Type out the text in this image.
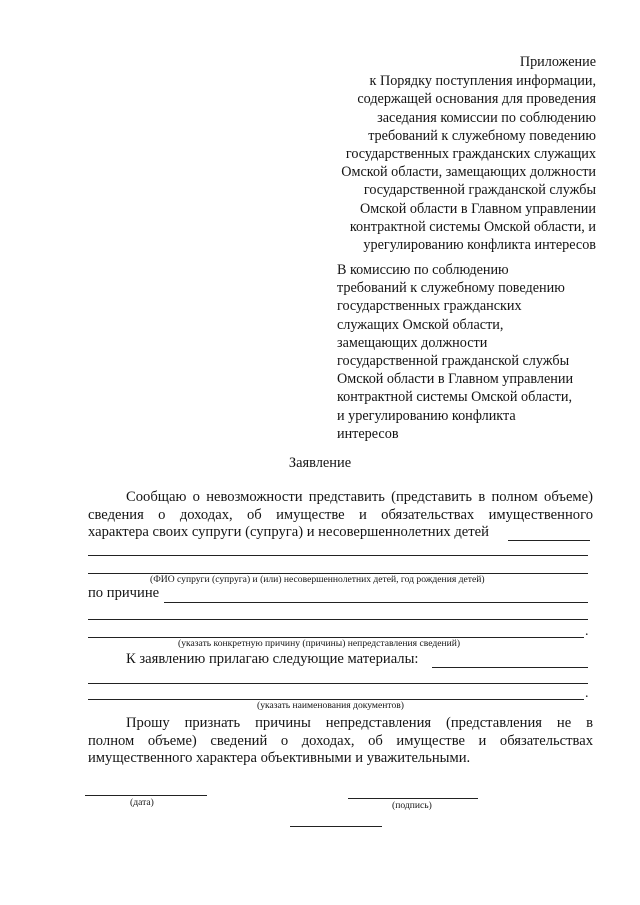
Приложение
к Порядку поступления информации,
содержащей основания для проведения
заседания комиссии по соблюдению
требований к служебному поведению
государственных гражданских служащих
Омской области, замещающих должности
государственной гражданской службы
Омской области в Главном управлении
контрактной системы Омской области, и
урегулированию конфликта интересов
В комиссию по соблюдению
требований к служебному поведению
государственных гражданских
служащих Омской области,
замещающих должности
государственной гражданской службы
Омской области в Главном управлении
контрактной системы Омской области,
и урегулированию конфликта
интересов
Заявление
Сообщаю о невозможности представить (представить в полном объеме)
сведения о доходах, об имуществе и обязательствах имущественного
характера своих супруги (супруга) и несовершеннолетних детей
(ФИО супруги (супруга) и (или) несовершеннолетних детей, год рождения детей)
по причине
.
(указать конкретную причину (причины) непредставления сведений)
К заявлению прилагаю следующие материалы:
.
(указать наименования документов)
Прошу признать причины непредставления (представления не в
полном объеме) сведений о доходах, об имуществе и обязательствах
имущественного характера объективными и уважительными.
(дата)	(подпись)
